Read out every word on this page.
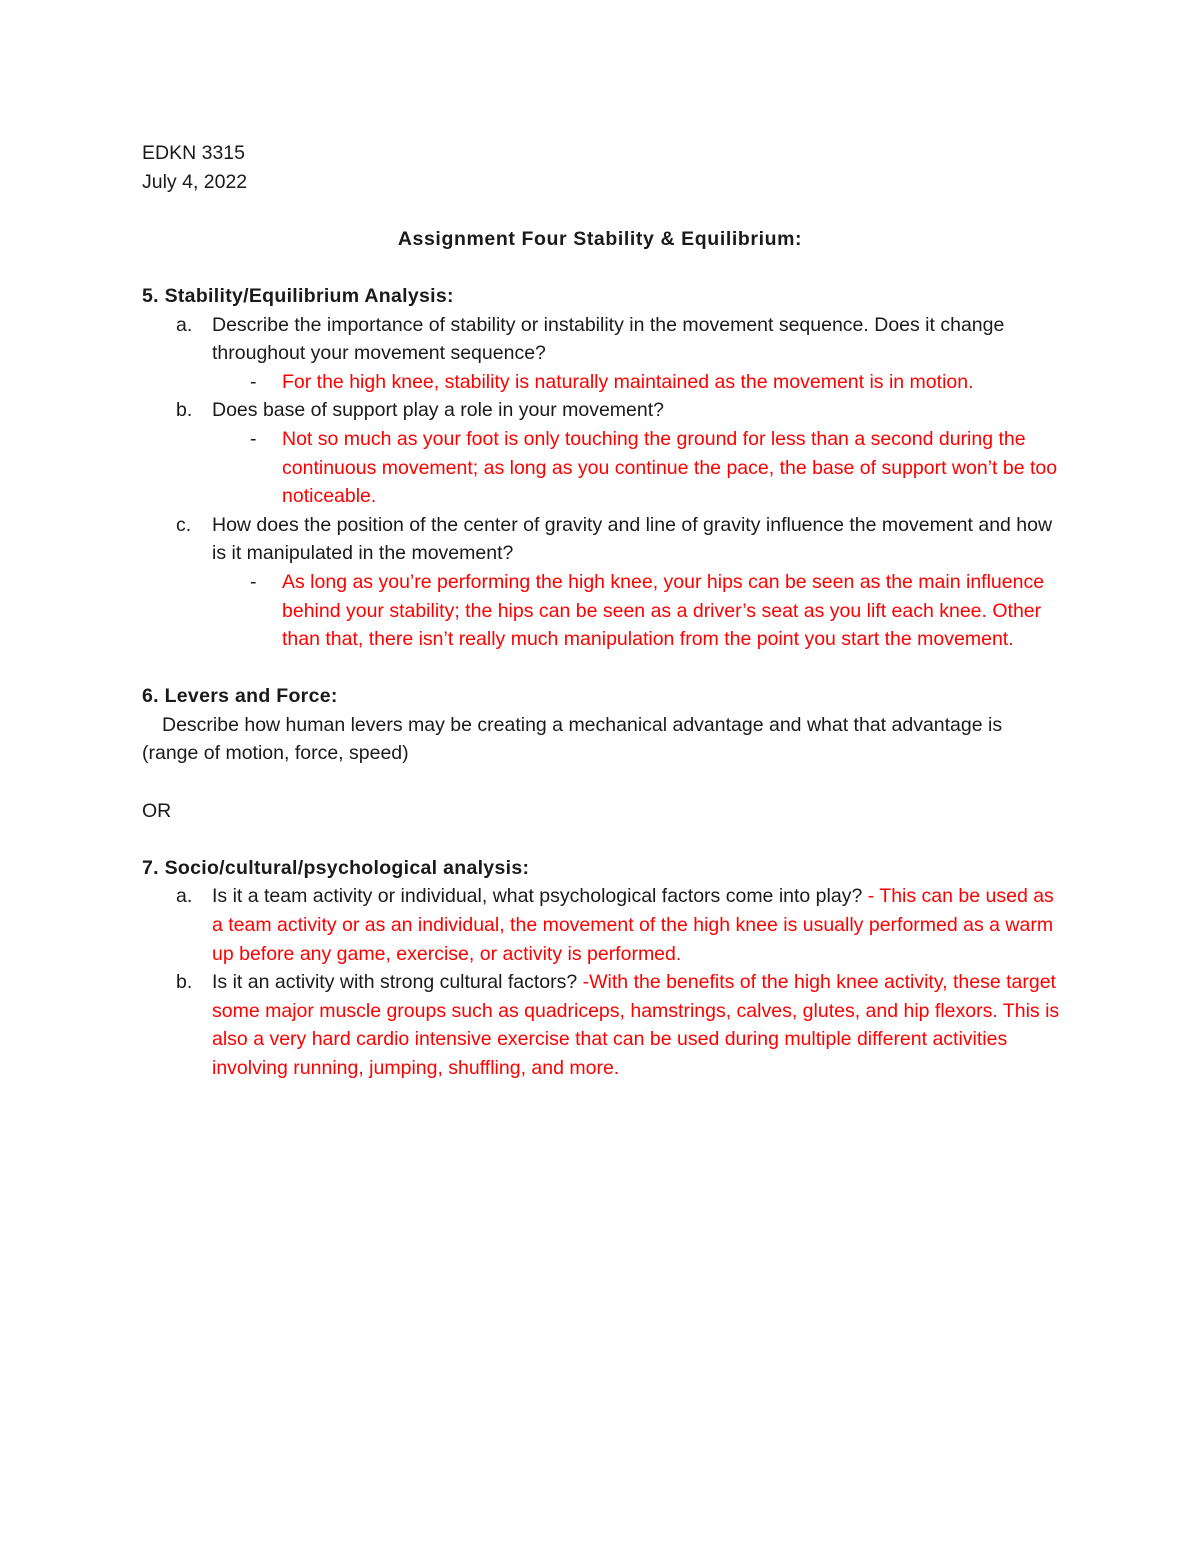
EDKN 3315
July 4, 2022
Assignment Four Stability & Equilibrium:
5. Stability/Equilibrium Analysis:
a. Describe the importance of stability or instability in the movement sequence. Does it change throughout your movement sequence?
- For the high knee, stability is naturally maintained as the movement is in motion.
b. Does base of support play a role in your movement?
- Not so much as your foot is only touching the ground for less than a second during the continuous movement; as long as you continue the pace, the base of support won’t be too noticeable.
c. How does the position of the center of gravity and line of gravity influence the movement and how is it manipulated in the movement?
- As long as you’re performing the high knee, your hips can be seen as the main influence behind your stability; the hips can be seen as a driver’s seat as you lift each knee. Other than that, there isn’t really much manipulation from the point you start the movement.
6. Levers and Force:
Describe how human levers may be creating a mechanical advantage and what that advantage is (range of motion, force, speed)
OR
7. Socio/cultural/psychological analysis:
a. Is it a team activity or individual, what psychological factors come into play? - This can be used as a team activity or as an individual, the movement of the high knee is usually performed as a warm up before any game, exercise, or activity is performed.
b. Is it an activity with strong cultural factors? -With the benefits of the high knee activity, these target some major muscle groups such as quadriceps, hamstrings, calves, glutes, and hip flexors. This is also a very hard cardio intensive exercise that can be used during multiple different activities involving running, jumping, shuffling, and more.
